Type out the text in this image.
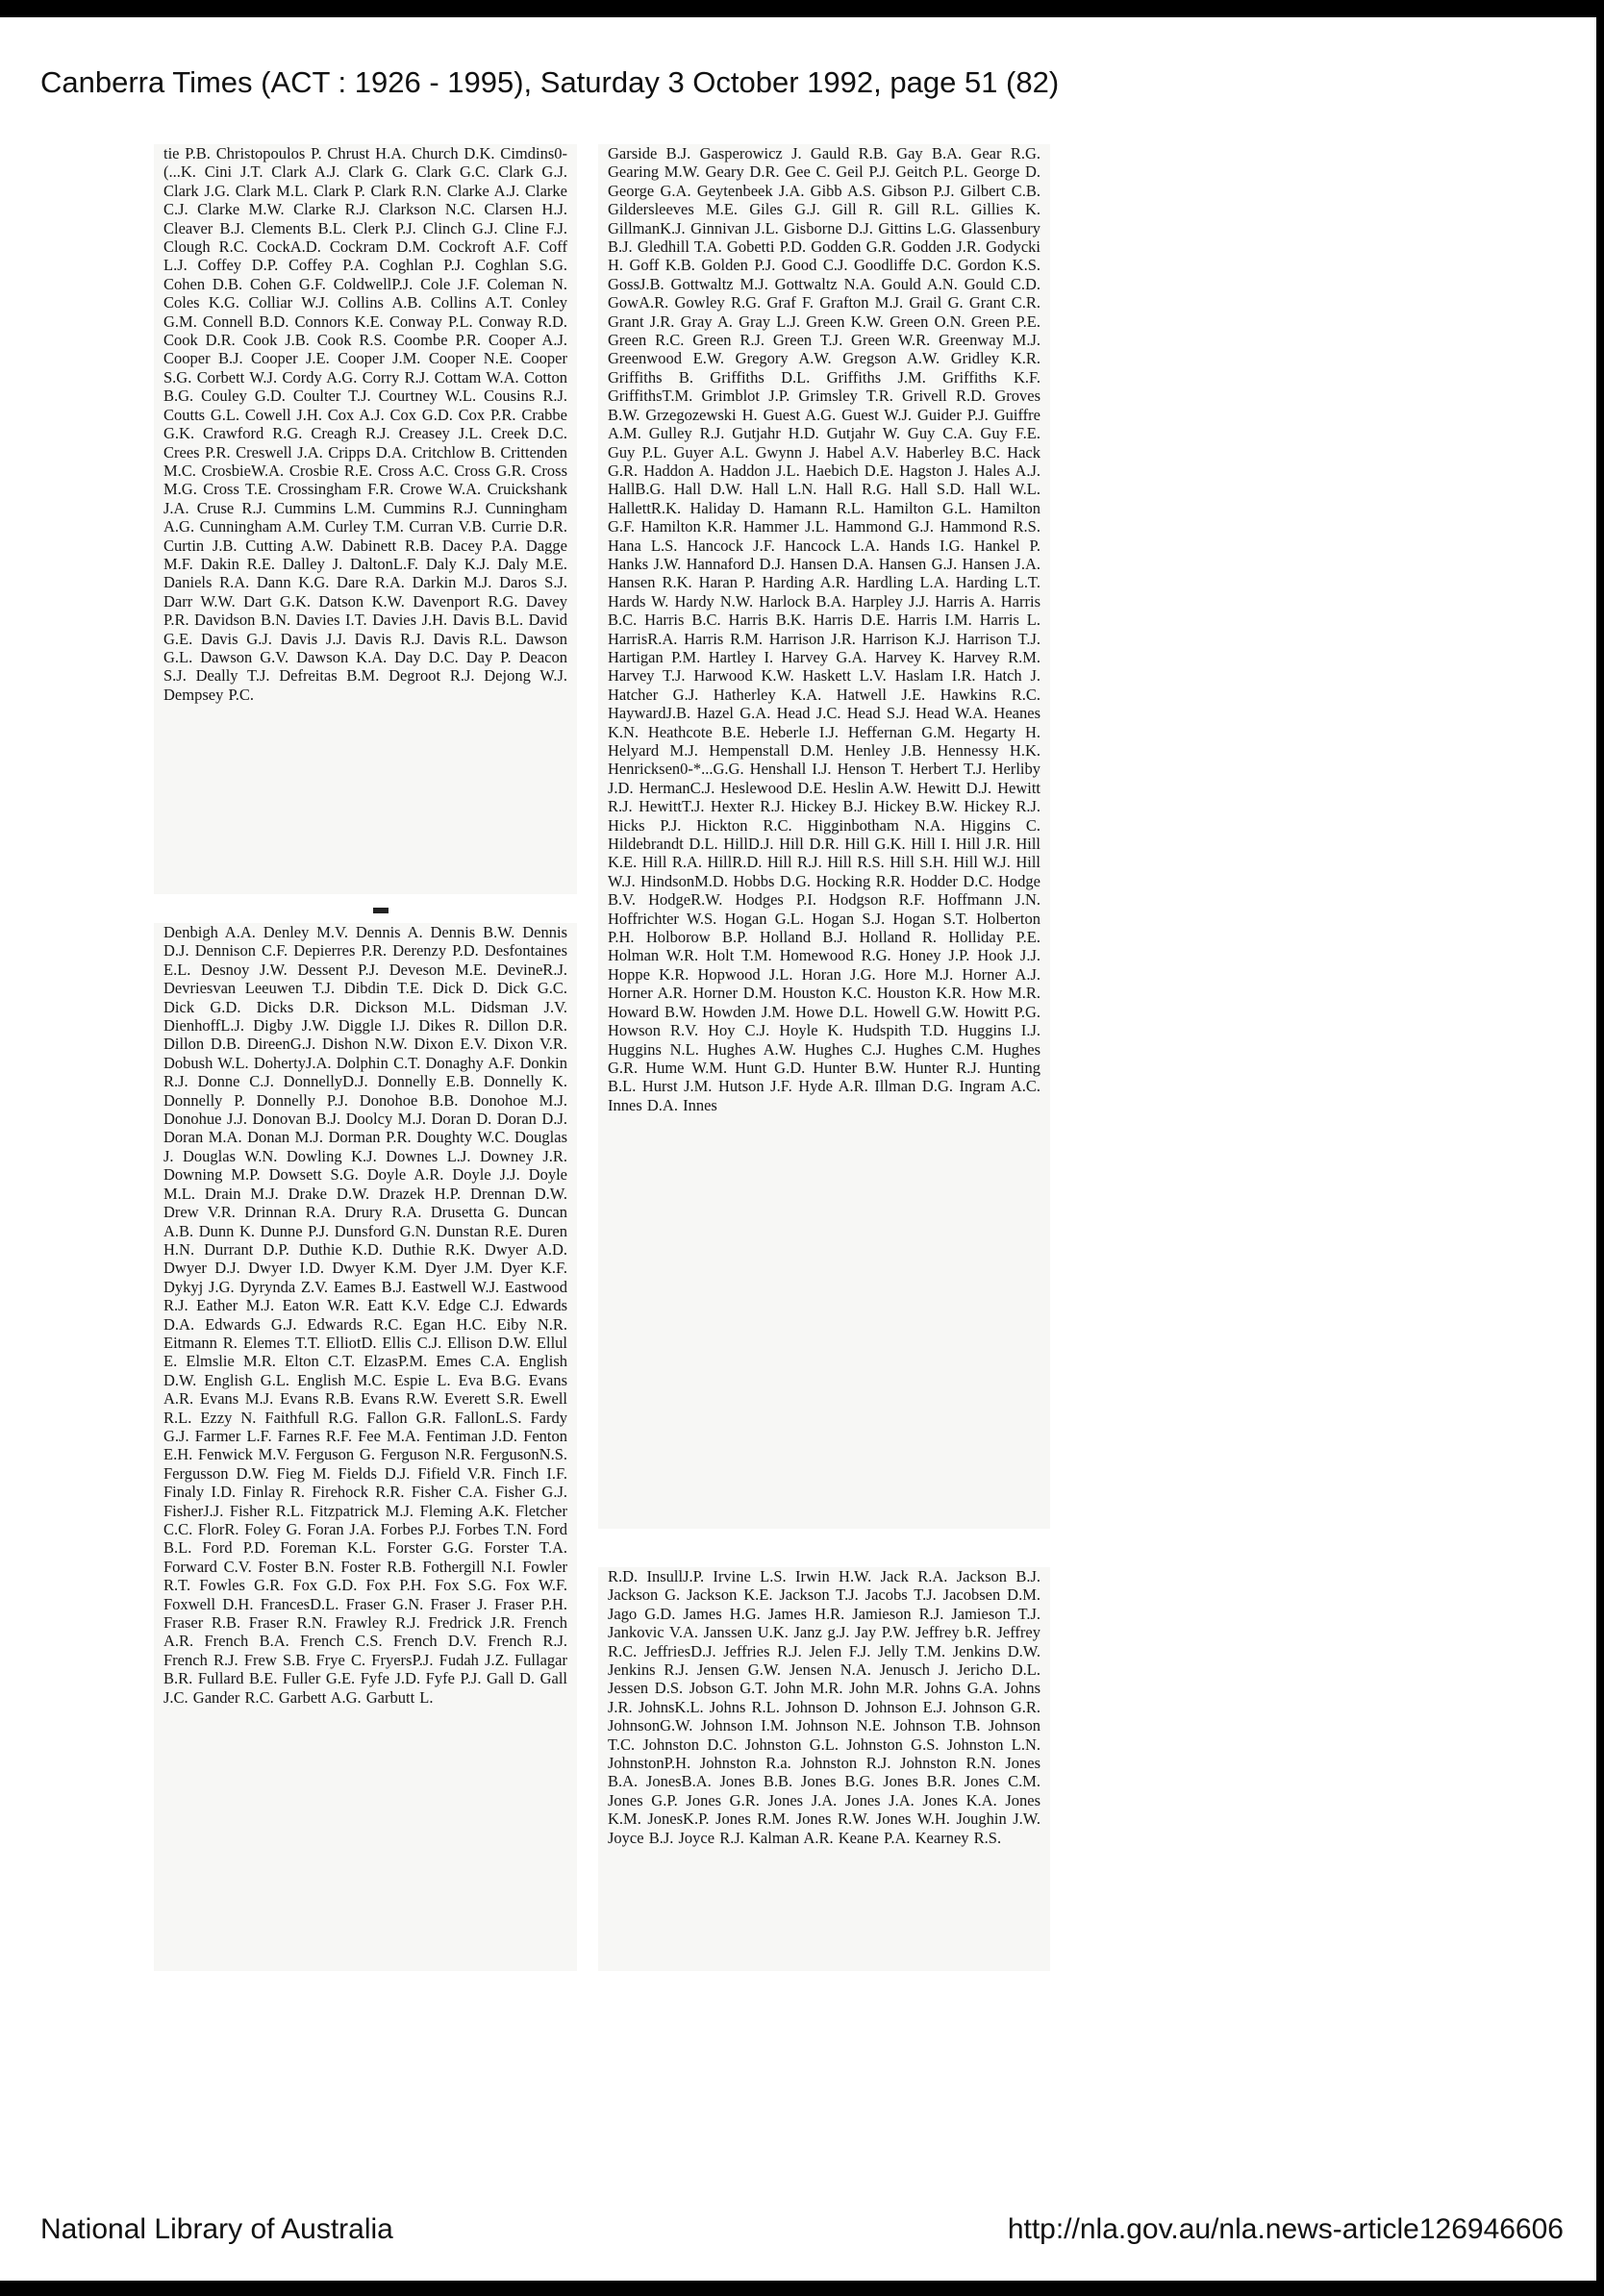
Canberra Times (ACT : 1926 - 1995), Saturday 3 October 1992, page 51 (82)

tie P.B. Christopoulos P. Chrust H.A. Church D.K. Cimdins0-(...K. Cini J.T. Clark A.J. Clark G. Clark G.C. Clark G.J. Clark J.G. Clark M.L. Clark P. Clark R.N. Clarke A.J. Clarke C.J. Clarke M.W. Clarke R.J. Clarkson N.C. Clarsen H.J. Cleaver B.J. Clements B.L. Clerk P.J. Clinch G.J. Cline F.J. Clough R.C. CockA.D. Cockram D.M. Cockroft A.F. Coff L.J. Coffey D.P. Coffey P.A. Coghlan P.J. Coghlan S.G. Cohen D.B. Cohen G.F. ColdwellP.J. Cole J.F. Coleman N. Coles K.G. Colliar W.J. Collins A.B. Collins A.T. Conley G.M. Connell B.D. Connors K.E. Conway P.L. Conway R.D. Cook D.R. Cook J.B. Cook R.S. Coombe P.R. Cooper A.J. Cooper B.J. Cooper J.E. Cooper J.M. Cooper N.E. Cooper S.G. Corbett W.J. Cordy A.G. Corry R.J. Cottam W.A. Cotton B.G. Couley G.D. Coulter T.J. Courtney W.L. Cousins R.J. Coutts G.L. Cowell J.H. Cox A.J. Cox G.D. Cox P.R. Crabbe G.K. Crawford R.G. Creagh R.J. Creasey J.L. Creek D.C. Crees P.R. Creswell J.A. Cripps D.A. Critchlow B. Crittenden M.C. CrosbieW.A. Crosbie R.E. Cross A.C. Cross G.R. Cross M.G. Cross T.E. Crossingham F.R. Crowe W.A. Cruickshank J.A. Cruse R.J. Cummins L.M. Cummins R.J. Cunningham A.G. Cunningham A.M. Curley T.M. Curran V.B. Currie D.R. Curtin J.B. Cutting A.W. Dabinett R.B. Dacey P.A. Dagge M.F. Dakin R.E. Dalley J. DaltonL.F. Daly K.J. Daly M.E. Daniels R.A. Dann K.G. Dare R.A. Darkin M.J. Daros S.J. Darr W.W. Dart G.K. Datson K.W. Davenport R.G. Davey P.R. Davidson B.N. Davies I.T. Davies J.H. Davis B.L. David G.E. Davis G.J. Davis J.J. Davis R.J. Davis R.L. Dawson G.L. Dawson G.V. Dawson K.A. Day D.C. Day P. Deacon S.J. Deally T.J. Defreitas B.M. Degroot R.J. Dejong W.J. Dempsey P.C.

Denbigh A.A. Denley M.V. Dennis A. Dennis B.W. Dennis D.J. Dennison C.F. Depierres P.R. Derenzy P.D. Desfontaines E.L. Desnoy J.W. Dessent P.J. Deveson M.E. DevineR.J. Devriesvan Leeuwen T.J. Dibdin T.E. Dick D. Dick G.C. Dick G.D. Dicks D.R. Dickson M.L. Didsman J.V. DienhoffL.J. Digby J.W. Diggle I.J. Dikes R. Dillon D.R. Dillon D.B. DireenG.J. Dishon N.W. Dixon E.V. Dixon V.R. Dobush W.L. DohertyJ.A. Dolphin C.T. Donaghy A.F. Donkin R.J. Donne C.J. DonnellyD.J. Donnelly E.B. Donnelly K. Donnelly P. Donnelly P.J. Donohoe B.B. Donohoe M.J. Donohue J.J. Donovan B.J. Doolcy M.J. Doran D. Doran D.J. Doran M.A. Donan M.J. Dorman P.R. Doughty W.C. Douglas J. Douglas W.N. Dowling K.J. Downes L.J. Downey J.R. Downing M.P. Dowsett S.G. Doyle A.R. Doyle J.J. Doyle M.L. Drain M.J. Drake D.W. Drazek H.P. Drennan D.W. Drew V.R. Drinnan R.A. Drury R.A. Drusetta G. Duncan A.B. Dunn K. Dunne P.J. Dunsford G.N. Dunstan R.E. Duren H.N. Durrant D.P. Duthie K.D. Duthie R.K. Dwyer A.D. Dwyer D.J. Dwyer I.D. Dwyer K.M. Dyer J.M. Dyer K.F. Dykyj J.G. Dyrynda Z.V. Eames B.J. Eastwell W.J. Eastwood R.J. Eather M.J. Eaton W.R. Eatt K.V. Edge C.J. Edwards D.A. Edwards G.J. Edwards R.C. Egan H.C. Eiby N.R. Eitmann R. Elemes T.T. ElliotD. Ellis C.J. Ellison D.W. Ellul E. Elmslie M.R. Elton C.T. ElzasP.M. Emes C.A. English D.W. English G.L. English M.C. Espie L. Eva B.G. Evans A.R. Evans M.J. Evans R.B. Evans R.W. Everett S.R. Ewell R.L. Ezzy N. Faithfull R.G. Fallon G.R. FallonL.S. Fardy G.J. Farmer L.F. Farnes R.F. Fee M.A. Fentiman J.D. Fenton E.H. Fenwick M.V. Ferguson G. Ferguson N.R. FergusonN.S. Fergusson D.W. Fieg M. Fields D.J. Fifield V.R. Finch I.F. Finaly I.D. Finlay R. Firehock R.R. Fisher C.A. Fisher G.J. FisherJ.J. Fisher R.L. Fitzpatrick M.J. Fleming A.K. Fletcher C.C. FlorR. Foley G. Foran J.A. Forbes P.J. Forbes T.N. Ford B.L. Ford P.D. Foreman K.L. Forster G.G. Forster T.A. Forward C.V. Foster B.N. Foster R.B. Fothergill N.I. Fowler R.T. Fowles G.R. Fox G.D. Fox P.H. Fox S.G. Fox W.F. Foxwell D.H. FrancesD.L. Fraser G.N. Fraser J. Fraser P.H. Fraser R.B. Fraser R.N. Frawley R.J. Fredrick J.R. French A.R. French B.A. French C.S. French D.V. French R.J. French R.J. Frew S.B. Frye C. FryersP.J. Fudah J.Z. Fullagar B.R. Fullard B.E. Fuller G.E. Fyfe J.D. Fyfe P.J. Gall D. Gall J.C. Gander R.C. Garbett A.G. Garbutt L.

Garside B.J. Gasperowicz J. Gauld R.B. Gay B.A. Gear R.G. Gearing M.W. Geary D.R. Gee C. Geil P.J. Geitch P.L. George D. George G.A. Geytenbeek J.A. Gibb A.S. Gibson P.J. Gilbert C.B. Gildersleeves M.E. Giles G.J. Gill R. Gill R.L. Gillies K. GillmanK.J. Ginnivan J.L. Gisborne D.J. Gittins L.G. Glassenbury B.J. Gledhill T.A. Gobetti P.D. Godden G.R. Godden J.R. Godycki H. Goff K.B. Golden P.J. Good C.J. Goodliffe D.C. Gordon K.S. GossJ.B. Gottwaltz M.J. Gottwaltz N.A. Gould A.N. Gould C.D. GowA.R. Gowley R.G. Graf F. Grafton M.J. Grail G. Grant C.R. Grant J.R. Gray A. Gray L.J. Green K.W. Green O.N. Green P.E. Green R.C. Green R.J. Green T.J. Green W.R. Greenway M.J. Greenwood E.W. Gregory A.W. Gregson A.W. Gridley K.R. Griffiths B. Griffiths D.L. Griffiths J.M. Griffiths K.F. GriffithsT.M. Grimblot J.P. Grimsley T.R. Grivell R.D. Groves B.W. Grzegozewski H. Guest A.G. Guest W.J. Guider P.J. Guiffre A.M. Gulley R.J. Gutjahr H.D. Gutjahr W. Guy C.A. Guy F.E. Guy P.L. Guyer A.L. Gwynn J. Habel A.V. Haberley B.C. Hack G.R. Haddon A. Haddon J.L. Haebich D.E. Hagston J. Hales A.J. HallB.G. Hall D.W. Hall L.N. Hall R.G. Hall S.D. Hall W.L. HallettR.K. Haliday D. Hamann R.L. Hamilton G.L. Hamilton G.F. Hamilton K.R. Hammer J.L. Hammond G.J. Hammond R.S. Hana L.S. Hancock J.F. Hancock L.A. Hands I.G. Hankel P. Hanks J.W. Hannaford D.J. Hansen D.A. Hansen G.J. Hansen J.A. Hansen R.K. Haran P. Harding A.R. Hardling L.A. Harding L.T. Hards W. Hardy N.W. Harlock B.A. Harpley J.J. Harris A. Harris B.C. Harris B.C. Harris B.K. Harris D.E. Harris I.M. Harris L. HarrisR.A. Harris R.M. Harrison J.R. Harrison K.J. Harrison T.J. Hartigan P.M. Hartley I. Harvey G.A. Harvey K. Harvey R.M. Harvey T.J. Harwood K.W. Haskett L.V. Haslam I.R. Hatch J. Hatcher G.J. Hatherley K.A. Hatwell J.E. Hawkins R.C. HaywardJ.B. Hazel G.A. Head J.C. Head S.J. Head W.A. Heanes K.N. Heathcote B.E. Heberle I.J. Heffernan G.M. Hegarty H. Helyard M.J. Hempenstall D.M. Henley J.B. Hennessy H.K. Henricksen0-*...G.G. Henshall I.J. Henson T. Herbert T.J. Herliby J.D. HermanC.J. Heslewood D.E. Heslin A.W. Hewitt D.J. Hewitt R.J. HewittT.J. Hexter R.J. Hickey B.J. Hickey B.W. Hickey R.J. Hicks P.J. Hickton R.C. Higginbotham N.A. Higgins C. Hildebrandt D.L. HillD.J. Hill D.R. Hill G.K. Hill I. Hill J.R. Hill K.E. Hill R.A. HillR.D. Hill R.J. Hill R.S. Hill S.H. Hill W.J. Hill W.J. HindsonM.D. Hobbs D.G. Hocking R.R. Hodder D.C. Hodge B.V. HodgeR.W. Hodges P.I. Hodgson R.F. Hoffmann J.N. Hoffrichter W.S. Hogan G.L. Hogan S.J. Hogan S.T. Holberton P.H. Holborow B.P. Holland B.J. Holland R. Holliday P.E. Holman W.R. Holt T.M. Homewood R.G. Honey J.P. Hook J.J. Hoppe K.R. Hopwood J.L. Horan J.G. Hore M.J. Horner A.J. Horner A.R. Horner D.M. Houston K.C. Houston K.R. How M.R. Howard B.W. Howden J.M. Howe D.L. Howell G.W. Howitt P.G. Howson R.V. Hoy C.J. Hoyle K. Hudspith T.D. Huggins I.J. Huggins N.L. Hughes A.W. Hughes C.J. Hughes C.M. Hughes G.R. Hume W.M. Hunt G.D. Hunter B.W. Hunter R.J. Hunting B.L. Hurst J.M. Hutson J.F. Hyde A.R. Illman D.G. Ingram A.C. Innes D.A. Innes

R.D. InsullJ.P. Irvine L.S. Irwin H.W. Jack R.A. Jackson B.J. Jackson G. Jackson K.E. Jackson T.J. Jacobs T.J. Jacobsen D.M. Jago G.D. James H.G. James H.R. Jamieson R.J. Jamieson T.J. Jankovic V.A. Janssen U.K. Janz g.J. Jay P.W. Jeffrey b.R. Jeffrey R.C. JeffriesD.J. Jeffries R.J. Jelen F.J. Jelly T.M. Jenkins D.W. Jenkins R.J. Jensen G.W. Jensen N.A. Jenusch J. Jericho D.L. Jessen D.S. Jobson G.T. John M.R. John M.R. Johns G.A. Johns J.R. JohnsK.L. Johns R.L. Johnson D. Johnson E.J. Johnson G.R. JohnsonG.W. Johnson I.M. Johnson N.E. Johnson T.B. Johnson T.C. Johnston D.C. Johnston G.L. Johnston G.S. Johnston L.N. JohnstonP.H. Johnston R.a. Johnston R.J. Johnston R.N. Jones B.A. JonesB.A. Jones B.B. Jones B.G. Jones B.R. Jones C.M. Jones G.P. Jones G.R. Jones J.A. Jones J.A. Jones K.A. Jones K.M. JonesK.P. Jones R.M. Jones R.W. Jones W.H. Joughin J.W. Joyce B.J. Joyce R.J. Kalman A.R. Keane P.A. Kearney R.S.

National Library of Australia	http://nla.gov.au/nla.news-article126946606
